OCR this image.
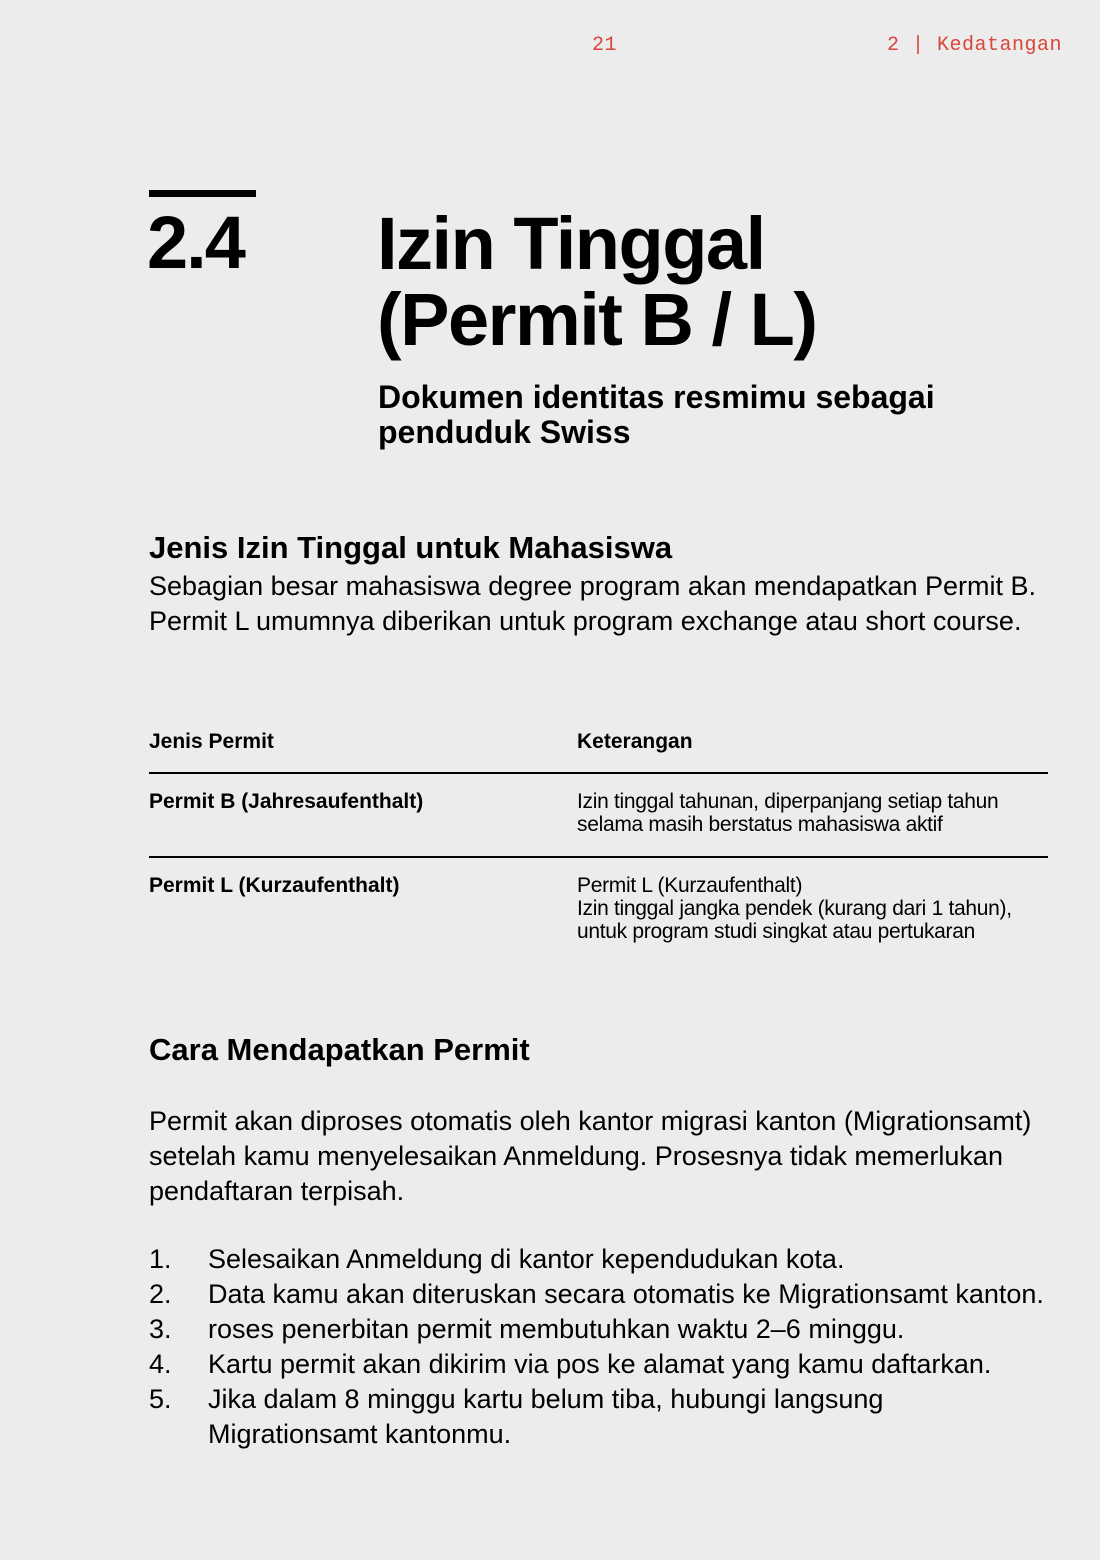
21	2 | Kedatangan
2.4 Izin Tinggal
(Permit B / L)

Dokumen identitas resmimu sebagai
penduduk Swiss

Jenis Izin Tinggal untuk Mahasiswa

Sebagian besar mahasiswa degree program akan mendapatkan Permit B. Permit L umumnya diberikan untuk program exchange atau short course.

Jenis Permit	Keterangan
Permit B (Jahresaufenthalt)	Izin tinggal tahunan, diperpanjang setiap tahun selama masih berstatus mahasiswa aktif

Permit L (Kurzaufenthalt)	Permit L (Kurzaufenthalt)
Izin tinggal jangka pendek (kurang dari 1 tahun), untuk program studi singkat atau pertukaran
Cara Mendapatkan Permit

Permit akan diproses otomatis oleh kantor migrasi kanton (Migrationsamt) setelah kamu menyelesaikan Anmeldung. Prosesnya tidak memerlukan pendaftaran terpisah.

1. Selesaikan Anmeldung di kantor kependudukan kota.
2. Data kamu akan diteruskan secara otomatis ke Migrationsamt kanton.
3. roses penerbitan permit membutuhkan waktu 2–6 minggu.
4. Kartu permit akan dikirim via pos ke alamat yang kamu daftarkan.
5. Jika dalam 8 minggu kartu belum tiba, hubungi langsung Migrationsamt kantonmu.
